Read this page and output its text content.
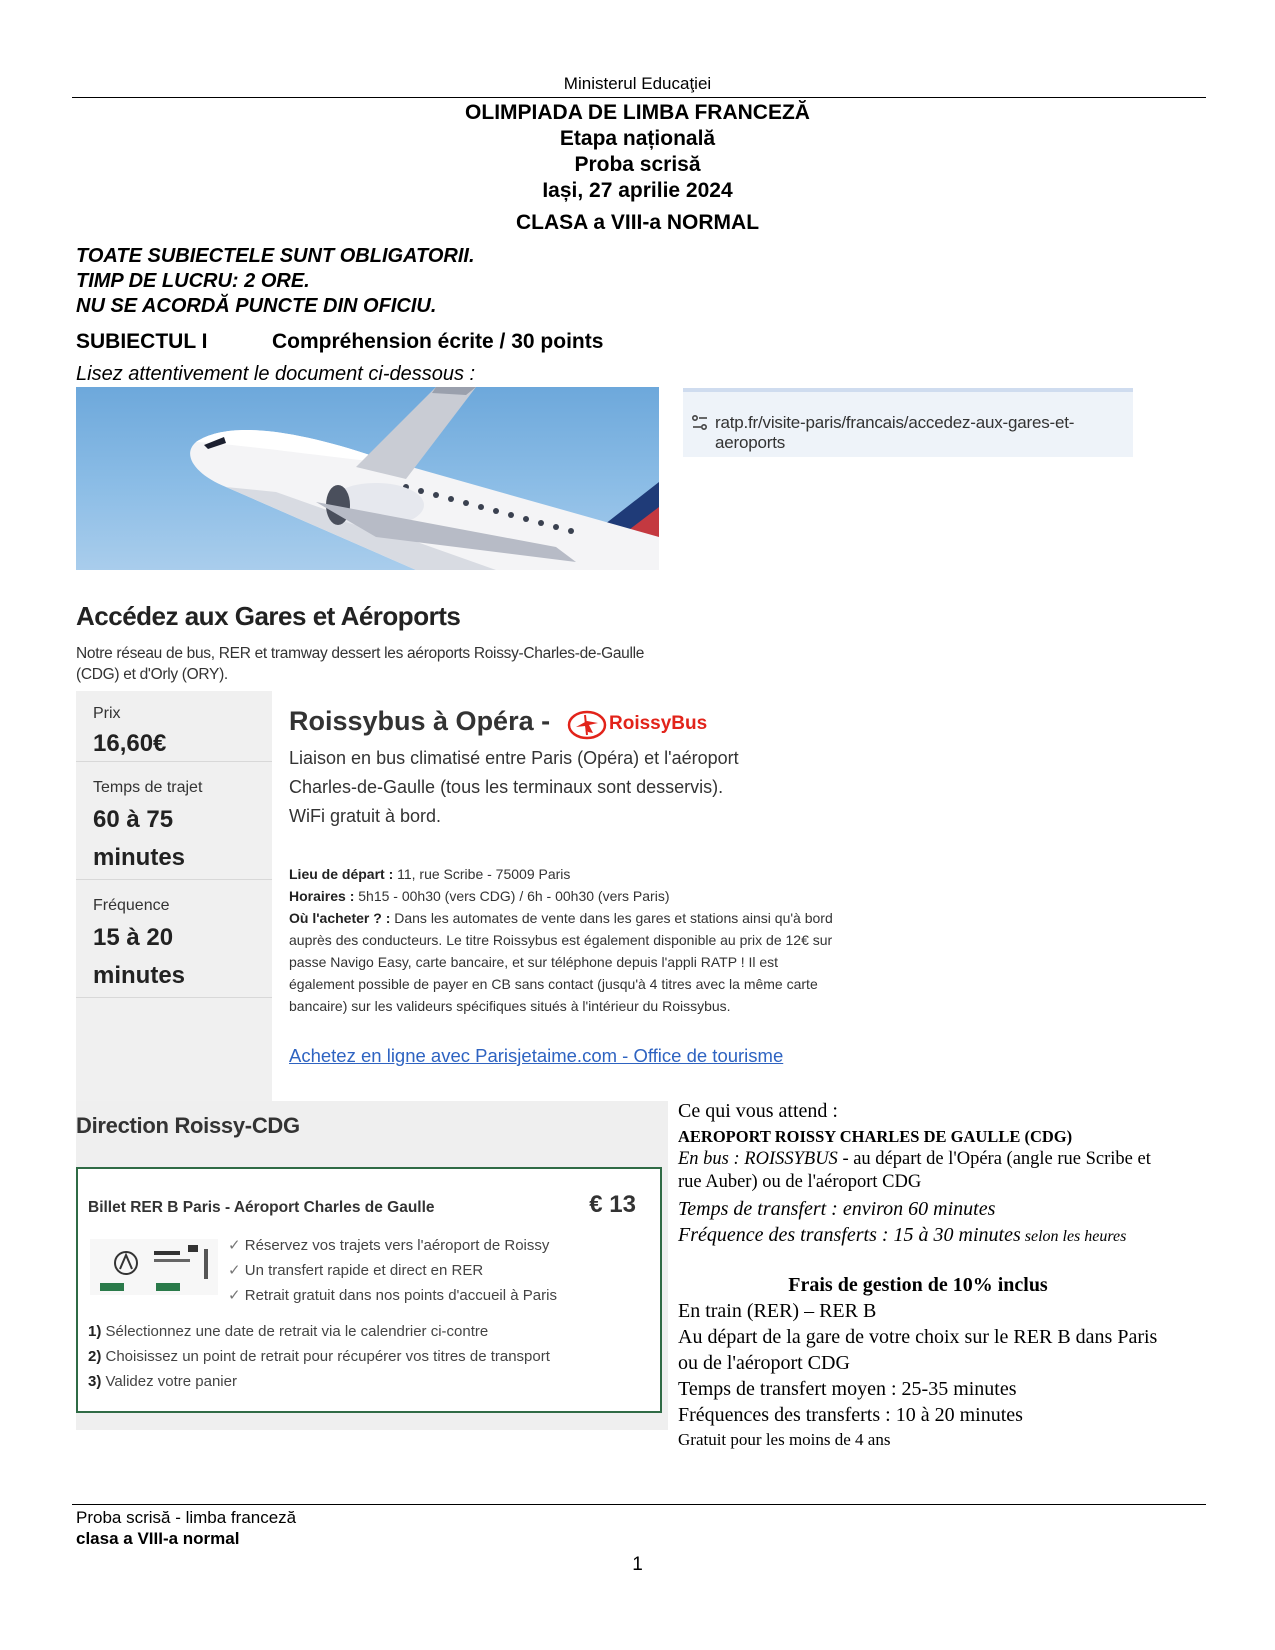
Ministerul Educaţiei
OLIMPIADA DE LIMBA FRANCEZĂ
Etapa națională
Proba scrisă
Iași, 27 aprilie 2024
CLASA a VIII-a NORMAL
TOATE SUBIECTELE SUNT OBLIGATORII.
TIMP DE LUCRU: 2 ORE.
NU SE ACORDĂ PUNCTE DIN OFICIU.
SUBIECTUL I	Compréhension écrite / 30 points
Lisez attentivement le document ci-dessous :
ratp.fr/visite-paris/francais/accedez-aux-gares-et-aeroports
Accédez aux Gares et Aéroports
Notre réseau de bus, RER et tramway dessert les aéroports Roissy-Charles-de-Gaulle (CDG) et d'Orly (ORY).
Prix
16,60€
Temps de trajet
60 à 75
minutes
Fréquence
15 à 20
minutes
Roissybus à Opéra -	RoissyBus
Liaison en bus climatisé entre Paris (Opéra) et l'aéroport
Charles-de-Gaulle (tous les terminaux sont desservis).
WiFi gratuit à bord.
Lieu de départ : 11, rue Scribe - 75009 Paris
Horaires : 5h15 - 00h30 (vers CDG) / 6h - 00h30 (vers Paris)
Où l'acheter ? : Dans les automates de vente dans les gares et stations ainsi qu'à bord auprès des conducteurs. Le titre Roissybus est également disponible au prix de 12€ sur passe Navigo Easy, carte bancaire, et sur téléphone depuis l'appli RATP ! Il est également possible de payer en CB sans contact (jusqu'à 4 titres avec la même carte bancaire) sur les valideurs spécifiques situés à l'intérieur du Roissybus.
Achetez en ligne avec Parisjetaime.com - Office de tourisme
Direction Roissy-CDG
Billet RER B Paris - Aéroport Charles de Gaulle	€ 13
✓ Réservez vos trajets vers l'aéroport de Roissy
✓ Un transfert rapide et direct en RER
✓ Retrait gratuit dans nos points d'accueil à Paris
1) Sélectionnez une date de retrait via le calendrier ci-contre
2) Choisissez un point de retrait pour récupérer vos titres de transport
3) Validez votre panier
Ce qui vous attend :
AEROPORT ROISSY CHARLES DE GAULLE (CDG)
En bus : ROISSYBUS - au départ de l'Opéra (angle rue Scribe et rue Auber) ou de l'aéroport CDG
Temps de transfert : environ 60 minutes
Fréquence des transferts : 15 à 30 minutes selon les heures
Frais de gestion de 10% inclus
En train (RER) – RER B
Au départ de la gare de votre choix sur le RER B dans Paris ou de l'aéroport CDG
Temps de transfert moyen : 25-35 minutes
Fréquences des transferts : 10 à 20 minutes
Gratuit pour les moins de 4 ans
Proba scrisă - limba franceză
clasa a VIII-a normal
1
